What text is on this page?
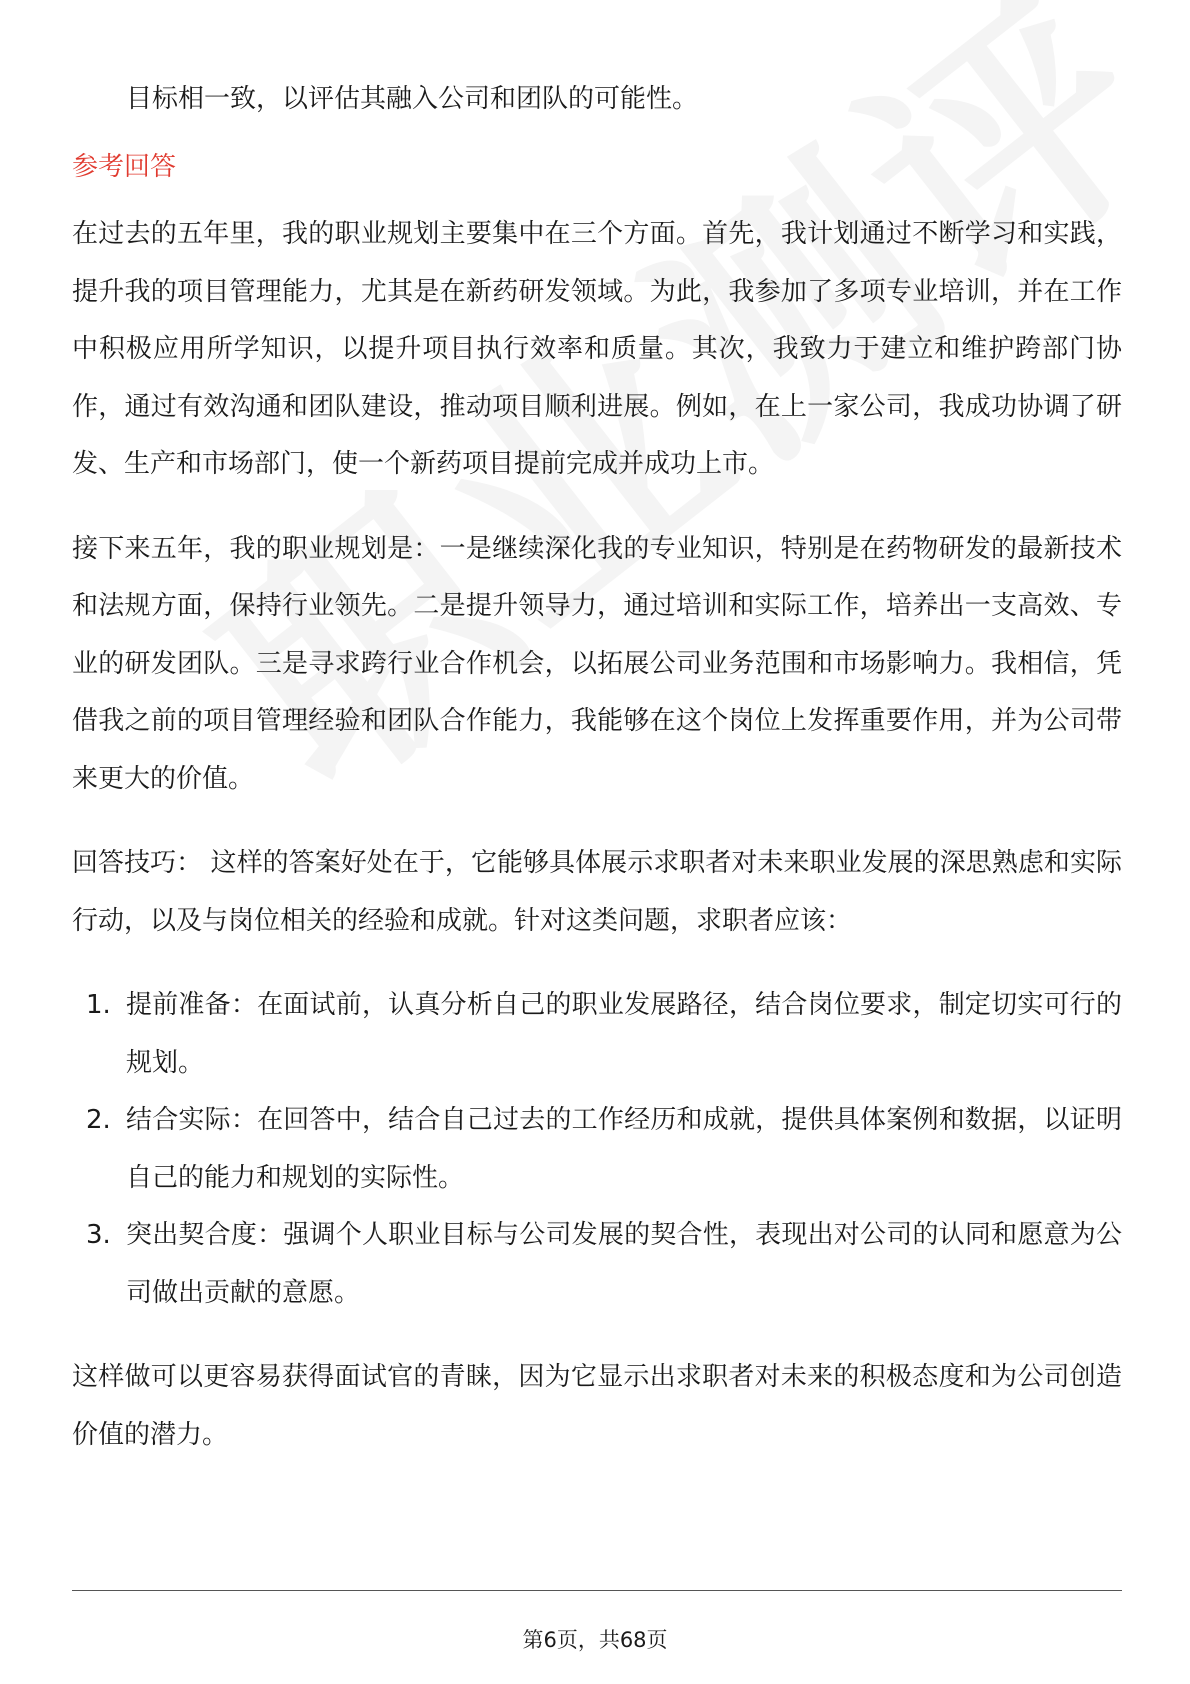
目标相一致，以评估其融入公司和团队的可能性。

参考回答

在过去的五年里，我的职业规划主要集中在三个方面。首先，我计划通过不断学习和实践，提升我的项目管理能力，尤其是在新药研发领域。为此，我参加了多项专业培训，并在工作中积极应用所学知识，以提升项目执行效率和质量。其次，我致力于建立和维护跨部门协作，通过有效沟通和团队建设，推动项目顺利进展。例如，在上一家公司，我成功协调了研发、生产和市场部门，使一个新药项目提前完成并成功上市。

接下来五年，我的职业规划是：一是继续深化我的专业知识，特别是在药物研发的最新技术和法规方面，保持行业领先。二是提升领导力，通过培训和实际工作，培养出一支高效、专业的研发团队。三是寻求跨行业合作机会，以拓展公司业务范围和市场影响力。我相信，凭借我之前的项目管理经验和团队合作能力，我能够在这个岗位上发挥重要作用，并为公司带来更大的价值。

回答技巧： 这样的答案好处在于，它能够具体展示求职者对未来职业发展的深思熟虑和实际行动，以及与岗位相关的经验和成就。针对这类问题，求职者应该：

1. 提前准备：在面试前，认真分析自己的职业发展路径，结合岗位要求，制定切实可行的规划。
2. 结合实际：在回答中，结合自己过去的工作经历和成就，提供具体案例和数据，以证明自己的能力和规划的实际性。
3. 突出契合度：强调个人职业目标与公司发展的契合性，表现出对公司的认同和愿意为公司做出贡献的意愿。

这样做可以更容易获得面试官的青睐，因为它显示出求职者对未来的积极态度和为公司创造价值的潜力。

第6页，共68页
